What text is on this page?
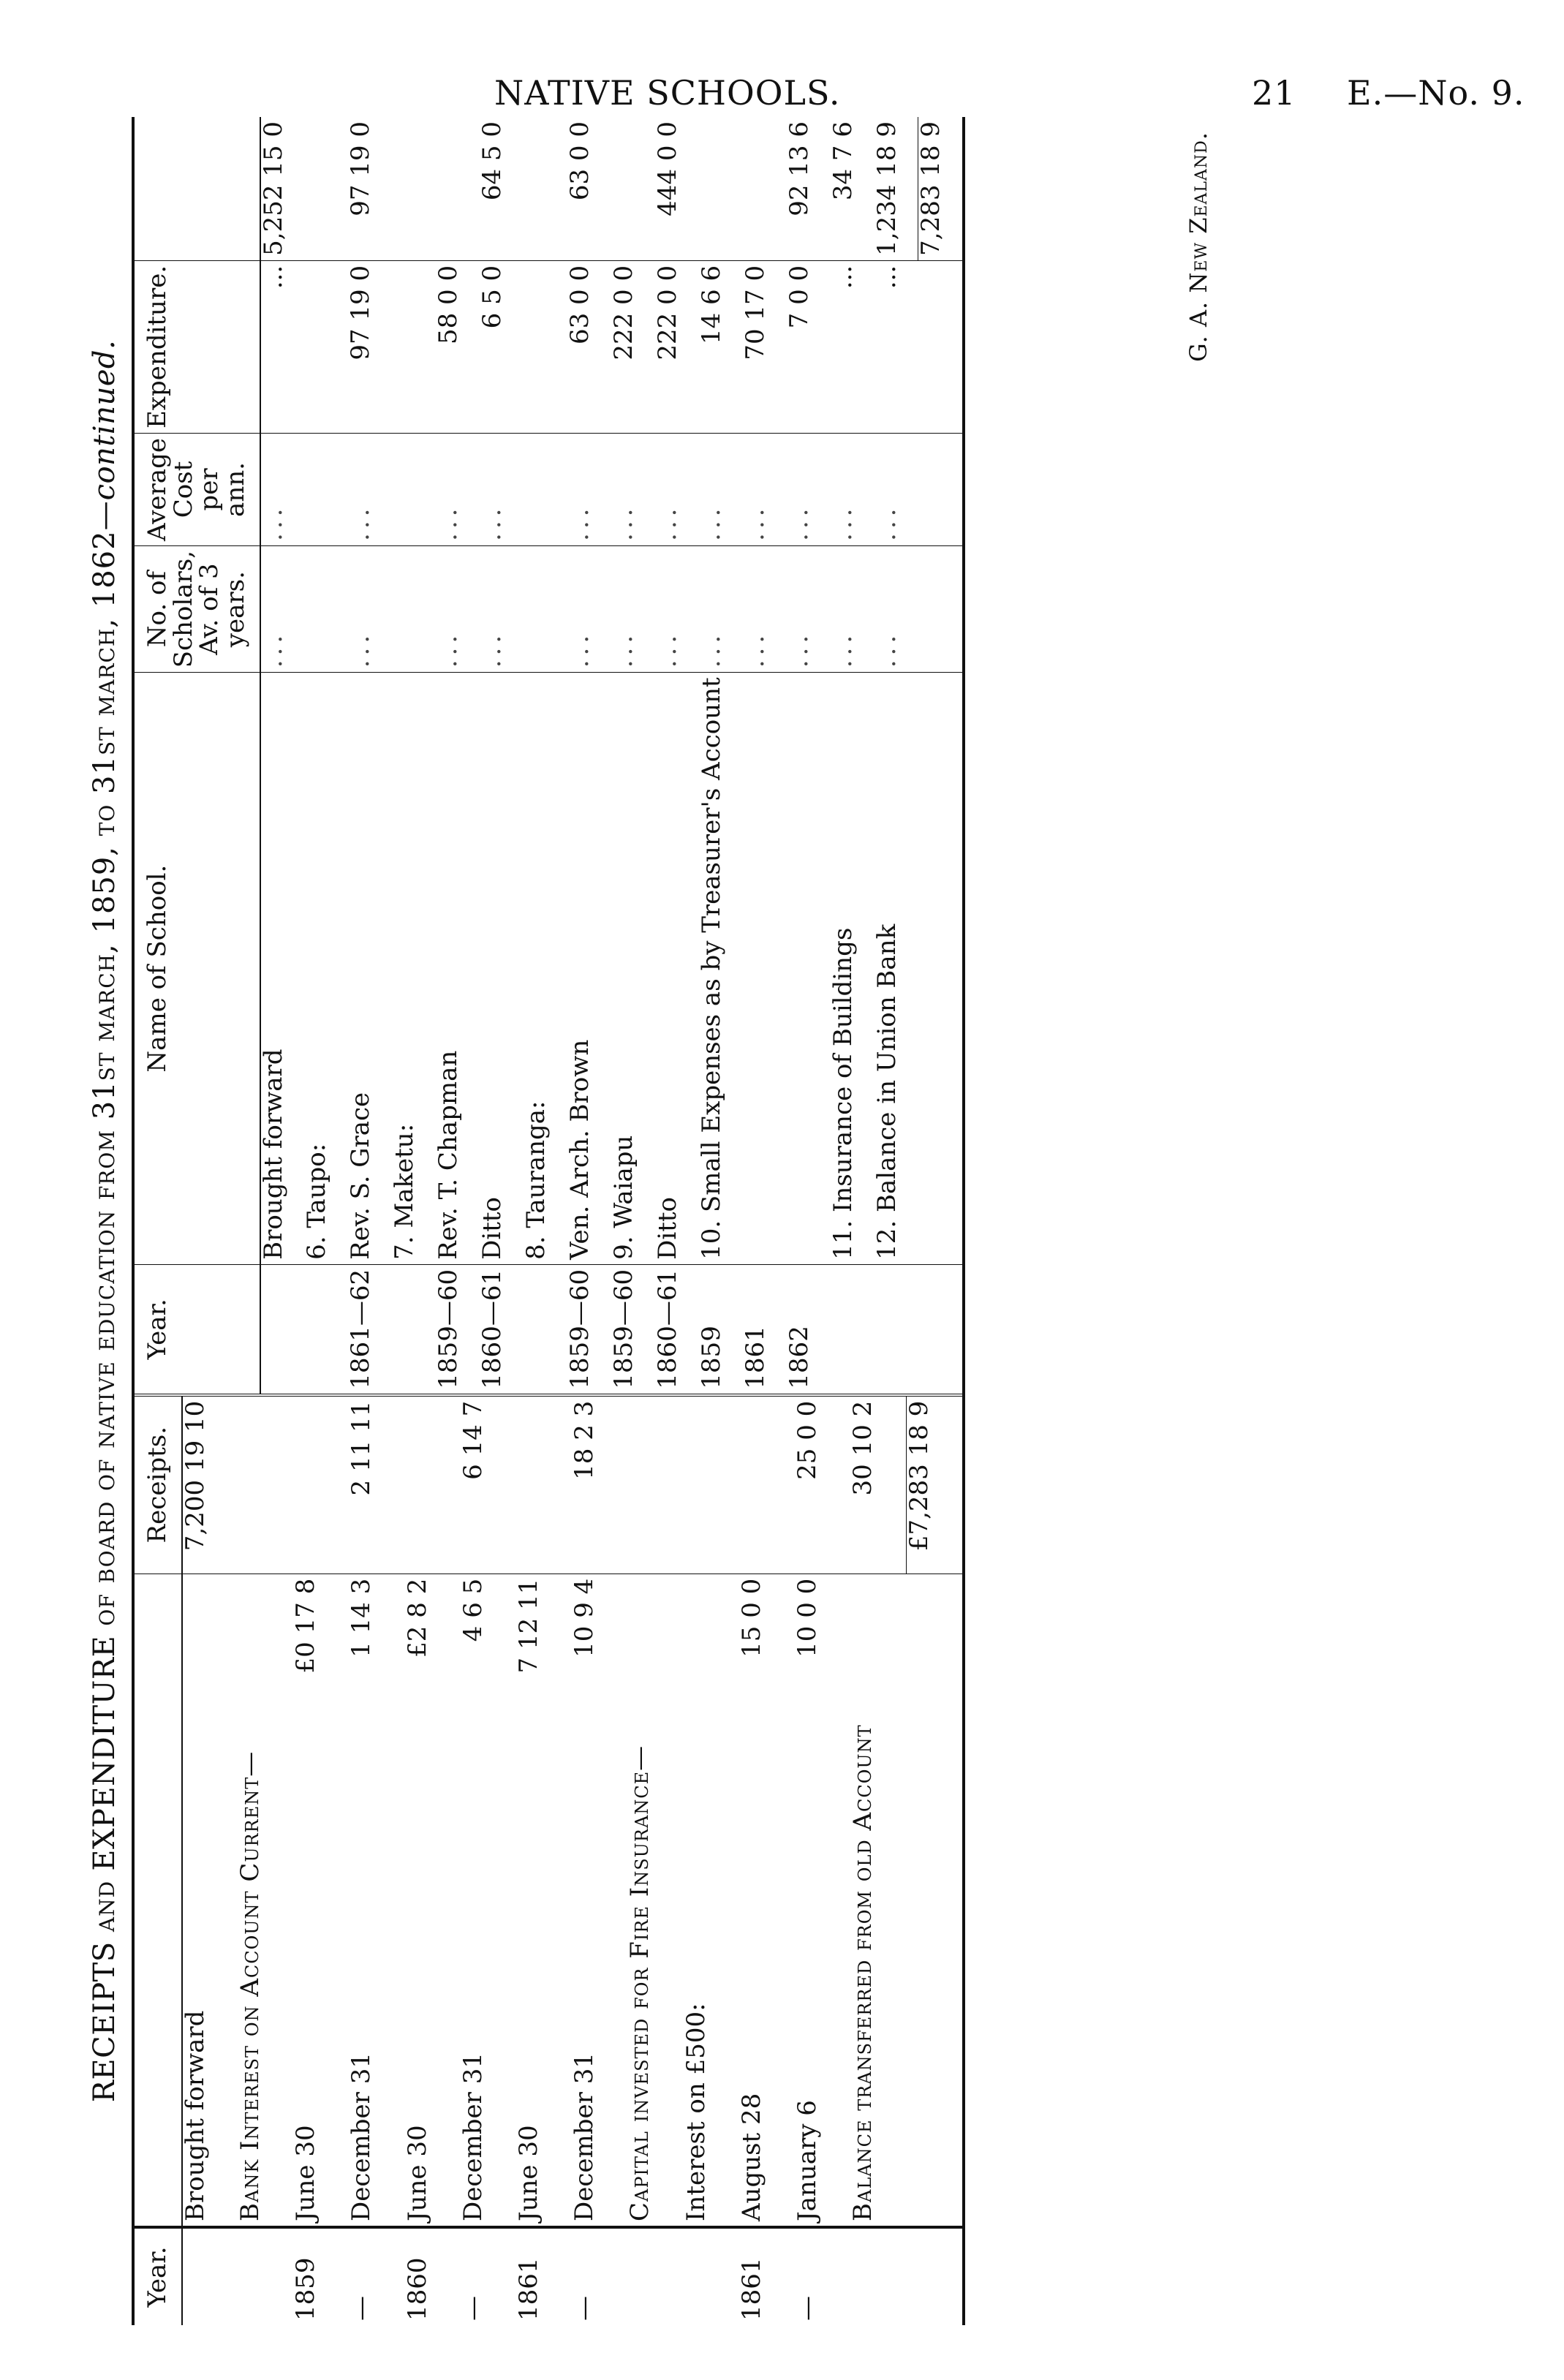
NATIVE SCHOOLS.	21 E.—No. 9.
RECEIPTS and EXPENDITURE of board of native education from 31st march, 1859, to 31st march, 1862—continued.
Year.			Receipts.
	Brought forward		7,200 19 10
	Bank Interest on Account Current—		
1859	June 30	£0 17 8	
—	December 31	1 14 3	2 11 11
1860	June 30	£2 8 2	
—	December 31	4 6 5	6 14 7
1861	June 30	7 12 11	
—	December 31	10 9 4	18 2 3
	Capital invested for Fire Insurance—		
	Interest on £500:		
1861	August 28	15 0 0	
—	January 6	10 0 0	25 0 0
	Balance transferred from old Account		30 10 2
			£7,283 18 9
Year.	Name of School.	No. of Scholars, Av. of 3 years.	Average Cost per ann.	Expenditure.	
	Brought forward	...	...	...	5,252 15 0
	6. Taupo:				
1861—62	Rev. S. Grace	...	...	97 19 0	97 19 0
	7. Maketu:				
1859—60	Rev. T. Chapman	...	...	58 0 0	
1860—61	Ditto	...	...	6 5 0	64 5 0
	8. Tauranga:				
1859—60	Ven. Arch. Brown	...	...	63 0 0	63 0 0
1859—60	9. Waiapu	...	...	222 0 0	
1860—61	Ditto	...	...	222 0 0	444 0 0
1859	10. Small Expenses as by Treasurer's Account	...	...	14 6 6	
1861		...	...	70 17 0	
1862		...	...	7 0 0	92 13 6
	11. Insurance of Buildings	...	...	...	34 7 6
	12. Balance in Union Bank	...	...	...	1,234 18 9
					7,283 18 9	G. A. New Zealand.
